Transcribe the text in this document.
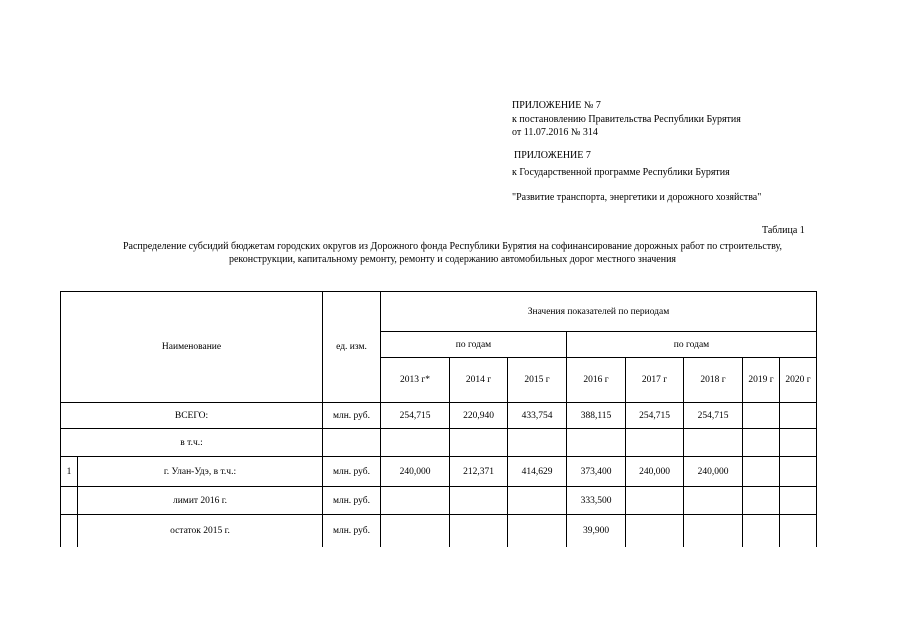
ПРИЛОЖЕНИЕ № 7
к постановлению Правительства Республики Бурятия
от 11.07.2016 № 314
ПРИЛОЖЕНИЕ 7
к Государственной программе Республики Бурятия
"Развитие транспорта, энергетики и дорожного хозяйства"
Таблица 1
Распределение субсидий бюджетам городских округов из Дорожного фонда Республики Бурятия на софинансирование дорожных работ по строительству,
реконструкции, капитальному ремонту, ремонту и содержанию автомобильных дорог местного значения
Наименование		ед. изм.	Значения показателей по периодам							
			по годам			по годам				
			2013 г*	2014 г	2015 г	2016 г	2017 г	2018 г	2019 г	2020 г
ВСЕГО:		млн. руб.	254,715	220,940	433,754	388,115	254,715	254,715		
в т.ч.:										
1	г. Улан-Удэ, в т.ч.:	млн. руб.	240,000	212,371	414,629	373,400	240,000	240,000		
	лимит 2016 г.	млн. руб.				333,500				
	остаток 2015 г.	млн. руб.				39,900				
